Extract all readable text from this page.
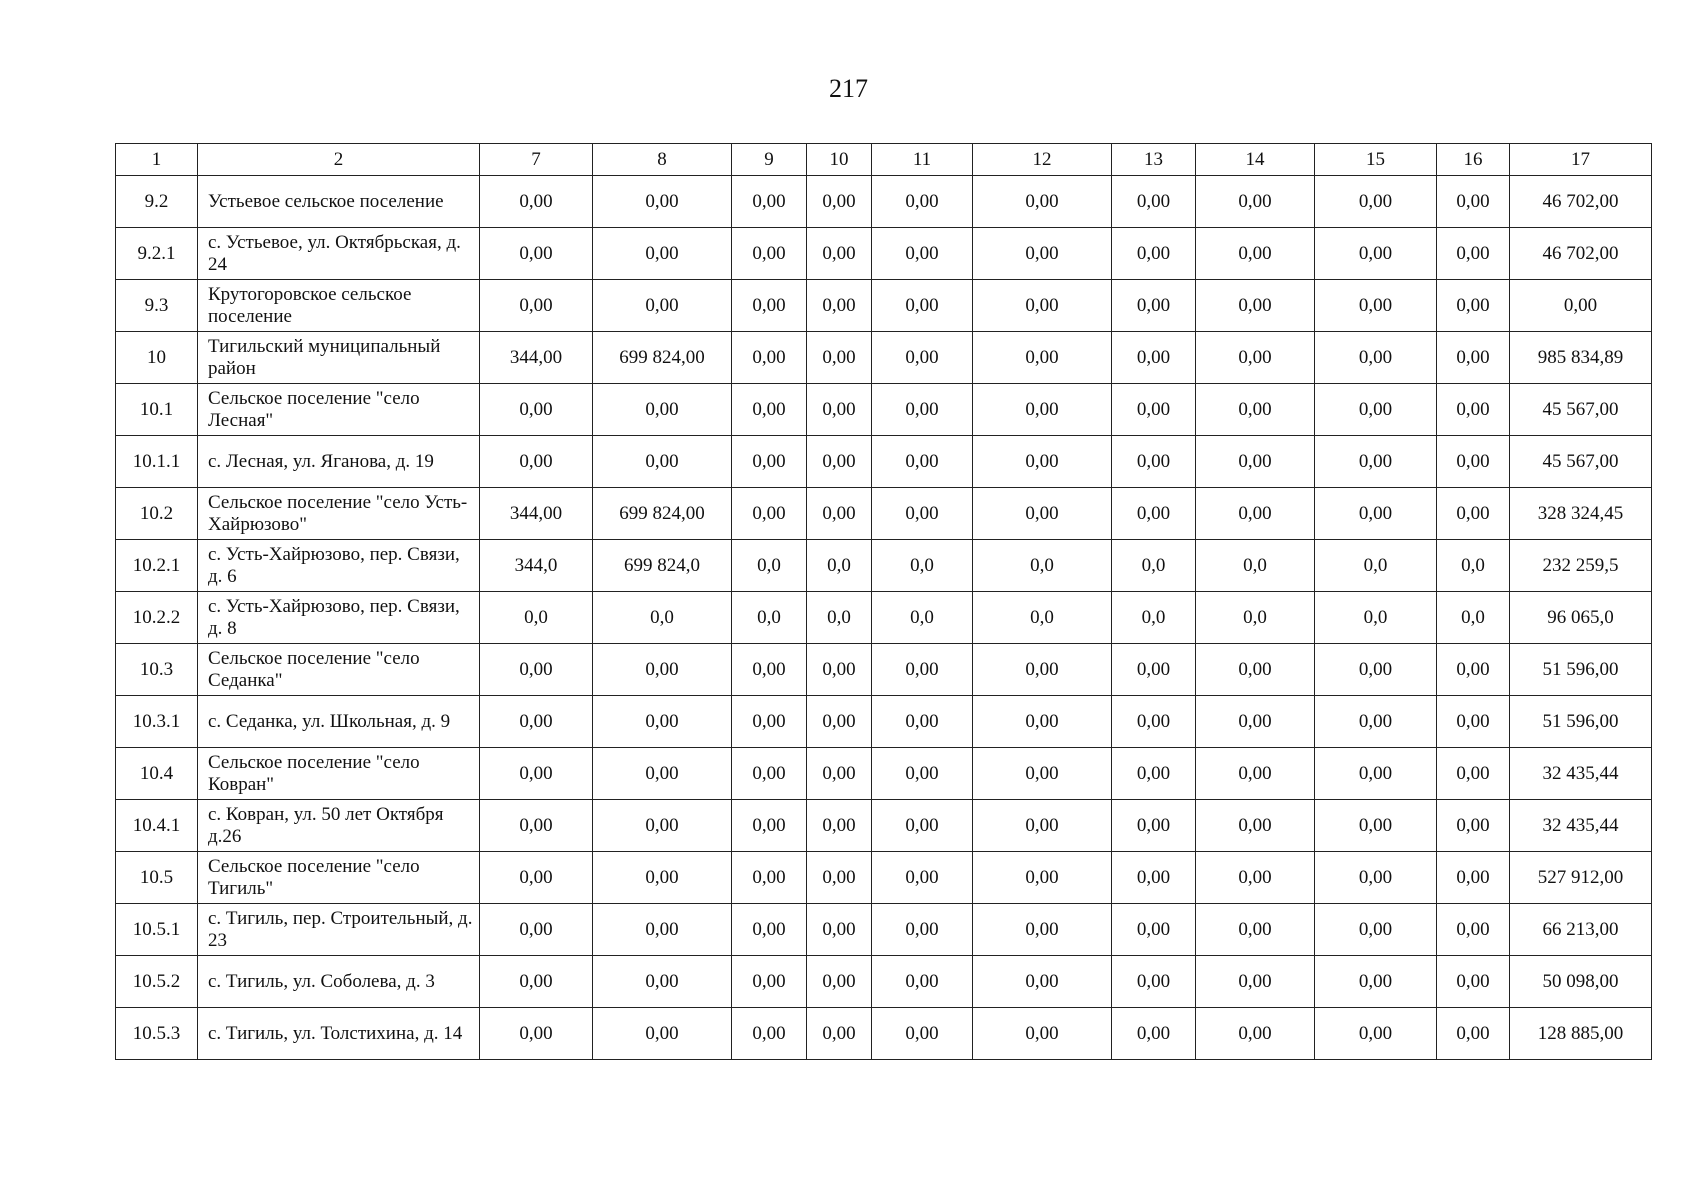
217
1	2	7	8	9	10	11	12	13	14	15	16	17
9.2	Устьевое сельское поселение	0,00	0,00	0,00	0,00	0,00	0,00	0,00	0,00	0,00	0,00	46 702,00
9.2.1	с. Устьевое, ул. Октябрьская, д. 24	0,00	0,00	0,00	0,00	0,00	0,00	0,00	0,00	0,00	0,00	46 702,00
9.3	Крутогоровское сельское поселение	0,00	0,00	0,00	0,00	0,00	0,00	0,00	0,00	0,00	0,00	0,00
10	Тигильский муниципальный район	344,00	699 824,00	0,00	0,00	0,00	0,00	0,00	0,00	0,00	0,00	985 834,89
10.1	Сельское поселение "село Лесная"	0,00	0,00	0,00	0,00	0,00	0,00	0,00	0,00	0,00	0,00	45 567,00
10.1.1	с. Лесная, ул. Яганова, д. 19	0,00	0,00	0,00	0,00	0,00	0,00	0,00	0,00	0,00	0,00	45 567,00
10.2	Сельское поселение "село Усть-Хайрюзово"	344,00	699 824,00	0,00	0,00	0,00	0,00	0,00	0,00	0,00	0,00	328 324,45
10.2.1	с. Усть-Хайрюзово, пер. Связи, д. 6	344,0	699 824,0	0,0	0,0	0,0	0,0	0,0	0,0	0,0	0,0	232 259,5
10.2.2	с. Усть-Хайрюзово, пер. Связи, д. 8	0,0	0,0	0,0	0,0	0,0	0,0	0,0	0,0	0,0	0,0	96 065,0
10.3	Сельское поселение "село Седанка"	0,00	0,00	0,00	0,00	0,00	0,00	0,00	0,00	0,00	0,00	51 596,00
10.3.1	с. Седанка, ул. Школьная, д. 9	0,00	0,00	0,00	0,00	0,00	0,00	0,00	0,00	0,00	0,00	51 596,00
10.4	Сельское поселение "село Ковран"	0,00	0,00	0,00	0,00	0,00	0,00	0,00	0,00	0,00	0,00	32 435,44
10.4.1	с. Ковран, ул. 50 лет Октября д.26	0,00	0,00	0,00	0,00	0,00	0,00	0,00	0,00	0,00	0,00	32 435,44
10.5	Сельское поселение "село Тигиль"	0,00	0,00	0,00	0,00	0,00	0,00	0,00	0,00	0,00	0,00	527 912,00
10.5.1	с. Тигиль, пер. Строительный, д. 23	0,00	0,00	0,00	0,00	0,00	0,00	0,00	0,00	0,00	0,00	66 213,00
10.5.2	с. Тигиль, ул. Соболева, д. 3	0,00	0,00	0,00	0,00	0,00	0,00	0,00	0,00	0,00	0,00	50 098,00
10.5.3	с. Тигиль, ул. Толстихина, д. 14	0,00	0,00	0,00	0,00	0,00	0,00	0,00	0,00	0,00	0,00	128 885,00
